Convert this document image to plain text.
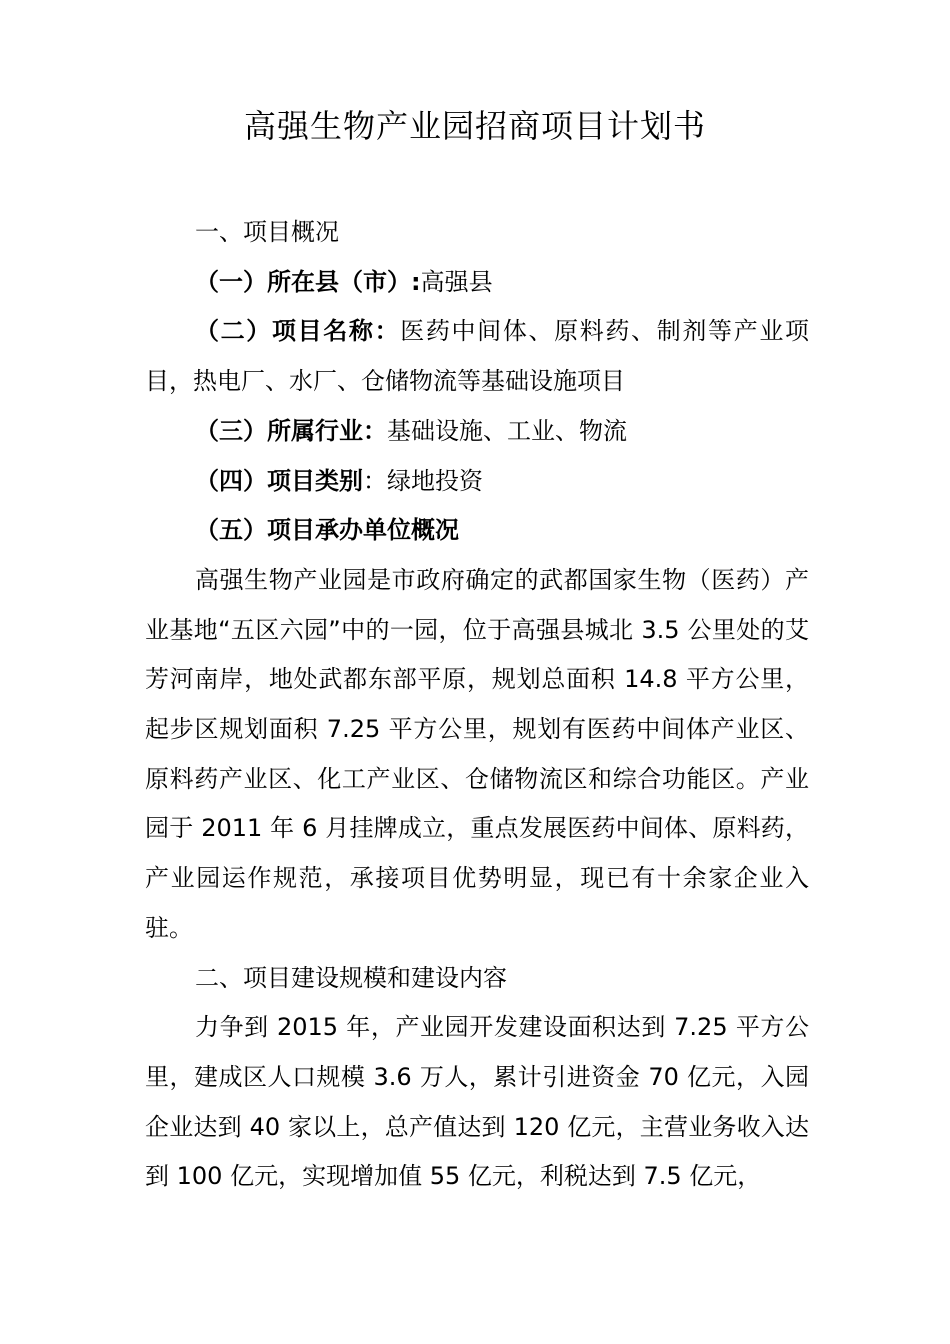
高强生物产业园招商项目计划书

一、项目概况

（一）所在县（市）:高强县

（二）项目名称：医药中间体、原料药、制剂等产业项目，热电厂、水厂、仓储物流等基础设施项目

（三）所属行业：基础设施、工业、物流

（四）项目类别：绿地投资

（五）项目承办单位概况

高强生物产业园是市政府确定的武都国家生物（医药）产业基地“五区六园”中的一园，位于高强县城北 3.5 公里处的艾芳河南岸，地处武都东部平原，规划总面积 14.8 平方公里，起步区规划面积 7.25 平方公里，规划有医药中间体产业区、原料药产业区、化工产业区、仓储物流区和综合功能区。产业园于 2011 年 6 月挂牌成立，重点发展医药中间体、原料药，产业园运作规范，承接项目优势明显，现已有十余家企业入驻。

二、项目建设规模和建设内容

力争到 2015 年，产业园开发建设面积达到 7.25 平方公里，建成区人口规模 3.6 万人，累计引进资金 70 亿元，入园企业达到 40 家以上，总产值达到 120 亿元，主营业务收入达到 100 亿元，实现增加值 55 亿元，利税达到 7.5 亿元，
